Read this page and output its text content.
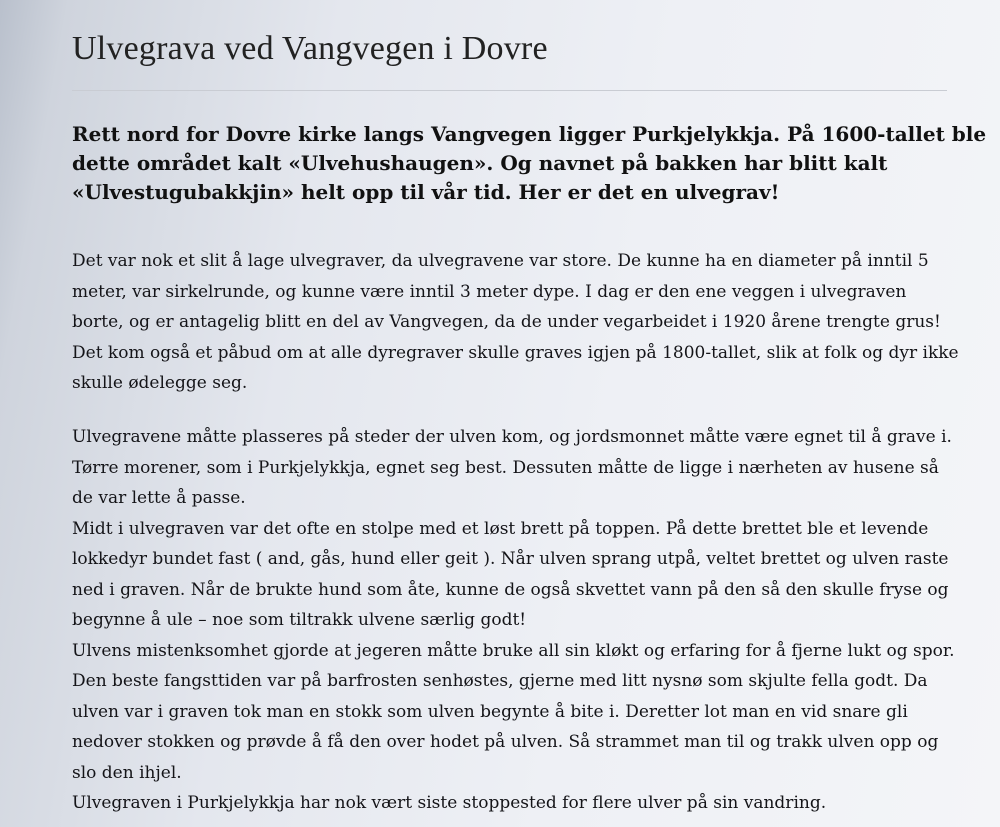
Ulvegrava ved Vangvegen i Dovre

Rett nord for Dovre kirke langs Vangvegen ligger Purkjelykkja. På 1600-tallet ble
dette området kalt «Ulvehushaugen». Og navnet på bakken har blitt kalt
«Ulvestugubakkjin» helt opp til vår tid. Her er det en ulvegrav!

Det var nok et slit å lage ulvegraver, da ulvegravene var store. De kunne ha en diameter på inntil 5
meter, var sirkelrunde, og kunne være inntil 3 meter dype. I dag er den ene veggen i ulvegraven
borte, og er antagelig blitt en del av Vangvegen, da de under vegarbeidet i 1920 årene trengte grus!
Det kom også et påbud om at alle dyregraver skulle graves igjen på 1800-tallet, slik at folk og dyr ikke
skulle ødelegge seg.

Ulvegravene måtte plasseres på steder der ulven kom, og jordsmonnet måtte være egnet til å grave i.
Tørre morener, som i Purkjelykkja, egnet seg best. Dessuten måtte de ligge i nærheten av husene så
de var lette å passe.
Midt i ulvegraven var det ofte en stolpe med et løst brett på toppen. På dette brettet ble et levende
lokkedyr bundet fast ( and, gås, hund eller geit ). Når ulven sprang utpå, veltet brettet og ulven raste
ned i graven. Når de brukte hund som åte, kunne de også skvettet vann på den så den skulle fryse og
begynne å ule – noe som tiltrakk ulvene særlig godt!
Ulvens mistenksomhet gjorde at jegeren måtte bruke all sin kløkt og erfaring for å fjerne lukt og spor.
Den beste fangsttiden var på barfrosten senhøstes, gjerne med litt nysnø som skjulte fella godt. Da
ulven var i graven tok man en stokk som ulven begynte å bite i. Deretter lot man en vid snare gli
nedover stokken og prøvde å få den over hodet på ulven. Så strammet man til og trakk ulven opp og
slo den ihjel.
Ulvegraven i Purkjelykkja har nok vært siste stoppested for flere ulver på sin vandring.
